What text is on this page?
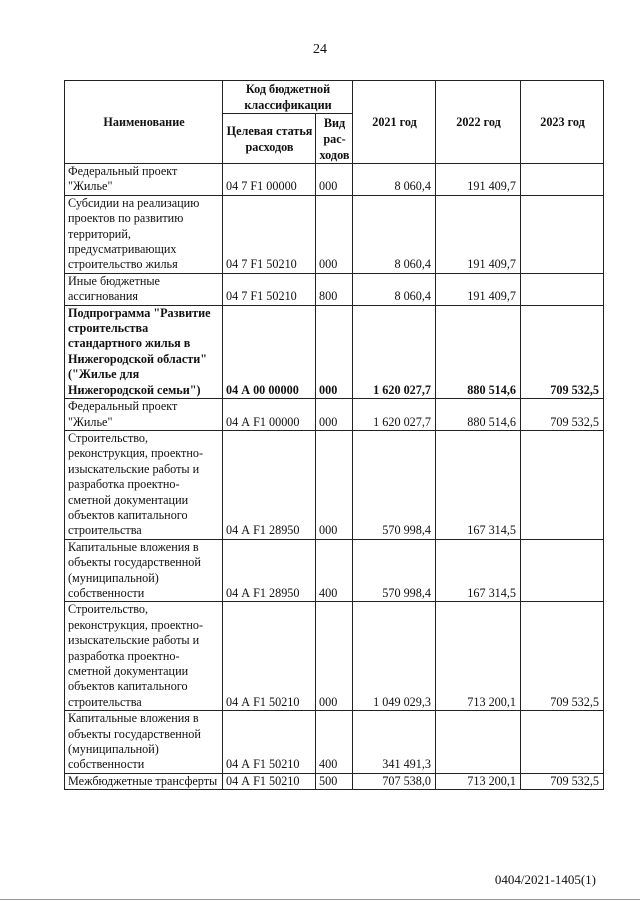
24
Наименование	Код бюджетной классификации		2021 год	2022 год	2023 год
	Целевая статья расходов	Вид рас-ходов			
Федеральный проект "Жилье"	04 7 F1 00000	000	8 060,4	191 409,7	
Субсидии на реализацию проектов по развитию территорий, предусматривающих строительство жилья	04 7 F1 50210	000	8 060,4	191 409,7	
Иные бюджетные ассигнования	04 7 F1 50210	800	8 060,4	191 409,7	
Подпрограмма "Развитие строительства стандартного жилья в Нижегородской области" ("Жилье для Нижегородской семьи")	04 А 00 00000	000	1 620 027,7	880 514,6	709 532,5
Федеральный проект "Жилье"	04 А F1 00000	000	1 620 027,7	880 514,6	709 532,5
Строительство, реконструкция, проектно-изыскательские работы и разработка проектно-сметной документации объектов капитального строительства	04 А F1 28950	000	570 998,4	167 314,5	
Капитальные вложения в объекты государственной (муниципальной) собственности	04 А F1 28950	400	570 998,4	167 314,5	
Строительство, реконструкция, проектно-изыскательские работы и разработка проектно-сметной документации объектов капитального строительства	04 А F1 50210	000	1 049 029,3	713 200,1	709 532,5
Капитальные вложения в объекты государственной (муниципальной) собственности	04 А F1 50210	400	341 491,3		
Межбюджетные трансферты	04 А F1 50210	500	707 538,0	713 200,1	709 532,5
0404/2021-1405(1)
